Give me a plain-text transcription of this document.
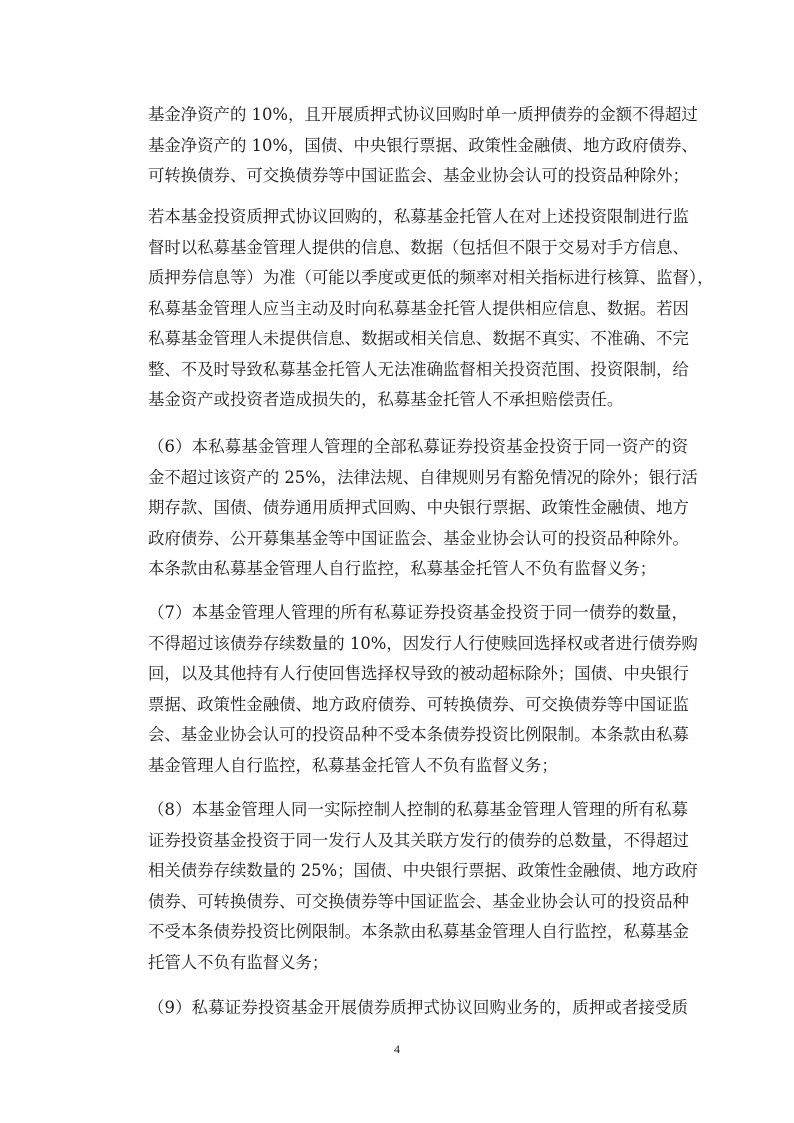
基金净资产的 10%，且开展质押式协议回购时单一质押债券的金额不得超过
基金净资产的 10%，国债、中央银行票据、政策性金融债、地方政府债券、
可转换债券、可交换债券等中国证监会、基金业协会认可的投资品种除外；
若本基金投资质押式协议回购的，私募基金托管人在对上述投资限制进行监
督时以私募基金管理人提供的信息、数据（包括但不限于交易对手方信息、
质押券信息等）为准（可能以季度或更低的频率对相关指标进行核算、监督），
私募基金管理人应当主动及时向私募基金托管人提供相应信息、数据。若因
私募基金管理人未提供信息、数据或相关信息、数据不真实、不准确、不完
整、不及时导致私募基金托管人无法准确监督相关投资范围、投资限制，给
基金资产或投资者造成损失的，私募基金托管人不承担赔偿责任。
（6）本私募基金管理人管理的全部私募证券投资基金投资于同一资产的资
金不超过该资产的 25%，法律法规、自律规则另有豁免情况的除外；银行活
期存款、国债、债券通用质押式回购、中央银行票据、政策性金融债、地方
政府债券、公开募集基金等中国证监会、基金业协会认可的投资品种除外。
本条款由私募基金管理人自行监控，私募基金托管人不负有监督义务；
（7）本基金管理人管理的所有私募证券投资基金投资于同一债券的数量，
不得超过该债券存续数量的 10%，因发行人行使赎回选择权或者进行债券购
回，以及其他持有人行使回售选择权导致的被动超标除外；国债、中央银行
票据、政策性金融债、地方政府债券、可转换债券、可交换债券等中国证监
会、基金业协会认可的投资品种不受本条债券投资比例限制。本条款由私募
基金管理人自行监控，私募基金托管人不负有监督义务；
（8）本基金管理人同一实际控制人控制的私募基金管理人管理的所有私募
证券投资基金投资于同一发行人及其关联方发行的债券的总数量，不得超过
相关债券存续数量的 25%；国债、中央银行票据、政策性金融债、地方政府
债券、可转换债券、可交换债券等中国证监会、基金业协会认可的投资品种
不受本条债券投资比例限制。本条款由私募基金管理人自行监控，私募基金
托管人不负有监督义务；
（9）私募证券投资基金开展债券质押式协议回购业务的，质押或者接受质
4
